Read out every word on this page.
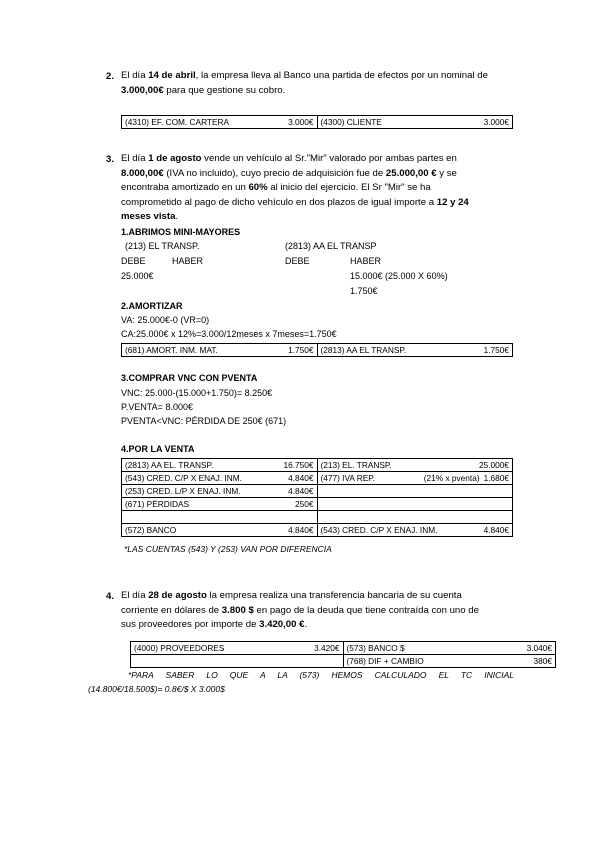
2. El día 14 de abril, la empresa lleva al Banco una partida de efectos por un nominal de
3.000,00€ para que gestione su cobro.
(4310) EF. COM. CARTERA	3.000€	(4300) CLIENTE	3.000€
3. El día 1 de agosto vende un vehículo al Sr."Mir" valorado por ambas partes en
8.000,00€ (IVA no incluido), cuyo precio de adquisición fue de 25.000,00 € y se
encontraba amortizado en un 60% al inicio del ejercicio. El Sr "Mir" se ha
comprometido al pago de dicho vehículo en dos plazos de igual importe a 12 y 24
meses vista.
1.ABRIMOS MINI-MAYORES
(213) EL TRANSP.	(2813) AA EL TRANSP
DEBE	HABER	DEBE	HABER
25.000€	15.000€ (25.000 X 60%)
1.750€
2.AMORTIZAR
VA: 25.000€-0 (VR=0)
CA:25.000€ x 12%=3.000/12meses x 7meses=1.750€
(681) AMORT. INM. MAT.	1.750€	(2813) AA EL TRANSP.	1.750€
3.COMPRAR VNC CON PVENTA
VNC: 25.000-(15.000+1.750)= 8.250€
P.VENTA= 8.000€
PVENTA<VNC: PÉRDIDA DE 250€ (671)
4.POR LA VENTA
(2813) AA EL. TRANSP. 16.750€	(213) EL. TRANSP. 25.000€

(543) CRED. C/P X ENAJ. INM. 4.840€	(477) IVA REP. 1.680€
(21% x pventa)

(253) CRED. L/P X ENAJ. INM. 4.840€	

(671) PÉRDIDAS 250€	

(572) BANCO 4.840€	(543) CRED. C/P X ENAJ. INM. 4.840€
*LAS CUENTAS (543) Y (253) VAN POR DIFERENCIA
4. El día 28 de agosto la empresa realiza una transferencia bancaria de su cuenta
corriente en dólares de 3.800 $ en pago de la deuda que tiene contraída con uno de
sus proveedores por importe de 3.420,00 €.
(4000) PROVEEDORES 3.420€	(573) BANCO $ 3.040€

	(768) DIF + CAMBIO 380€
*PARA SABER LO QUE A LA (573) HEMOS CALCULADO EL TC INICIAL
(14.800€/18.500$)= 0.8€/$ X 3.000$
